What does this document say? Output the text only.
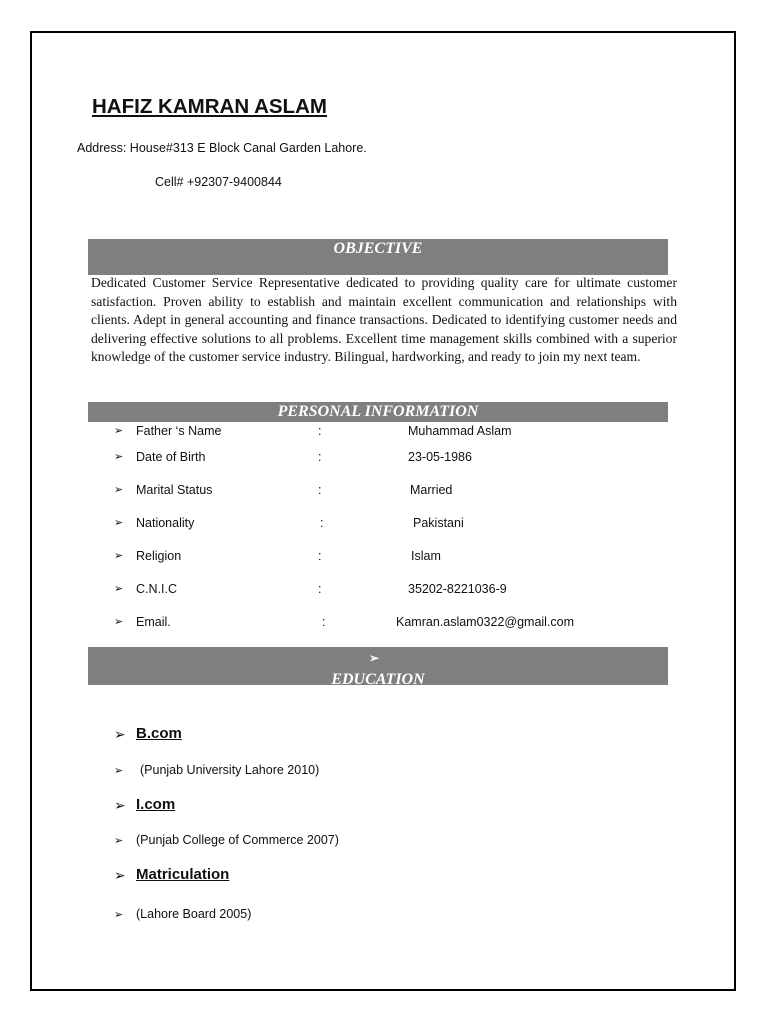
HAFIZ KAMRAN ASLAM
Address: House#313 E Block Canal Garden Lahore.
Cell# +92307-9400844
OBJECTIVE

Dedicated Customer Service Representative dedicated to providing quality care for ultimate customer satisfaction. Proven ability to establish and maintain excellent communication and relationships with clients. Adept in general accounting and finance transactions. Dedicated to identifying customer needs and delivering effective solutions to all problems. Excellent time management skills combined with a superior knowledge of the customer service industry. Bilingual, hardworking, and ready to join my next team.

PERSONAL INFORMATION
➢ Father ‘s Name	:	Muhammad Aslam
➢ Date of Birth	:	23-05-1986
➢ Marital Status	:	Married
➢ Nationality	:	Pakistani
➢ Religion	:	Islam
➢ C.N.I.C	:	35202-8221036-9
➢ Email.	:	Kamran.aslam0322@gmail.com
➢
EDUCATION
➢ B.com
➢ (Punjab University Lahore 2010)
➢ I.com
➢ (Punjab College of Commerce 2007)
➢ Matriculation
➢ (Lahore Board 2005)
